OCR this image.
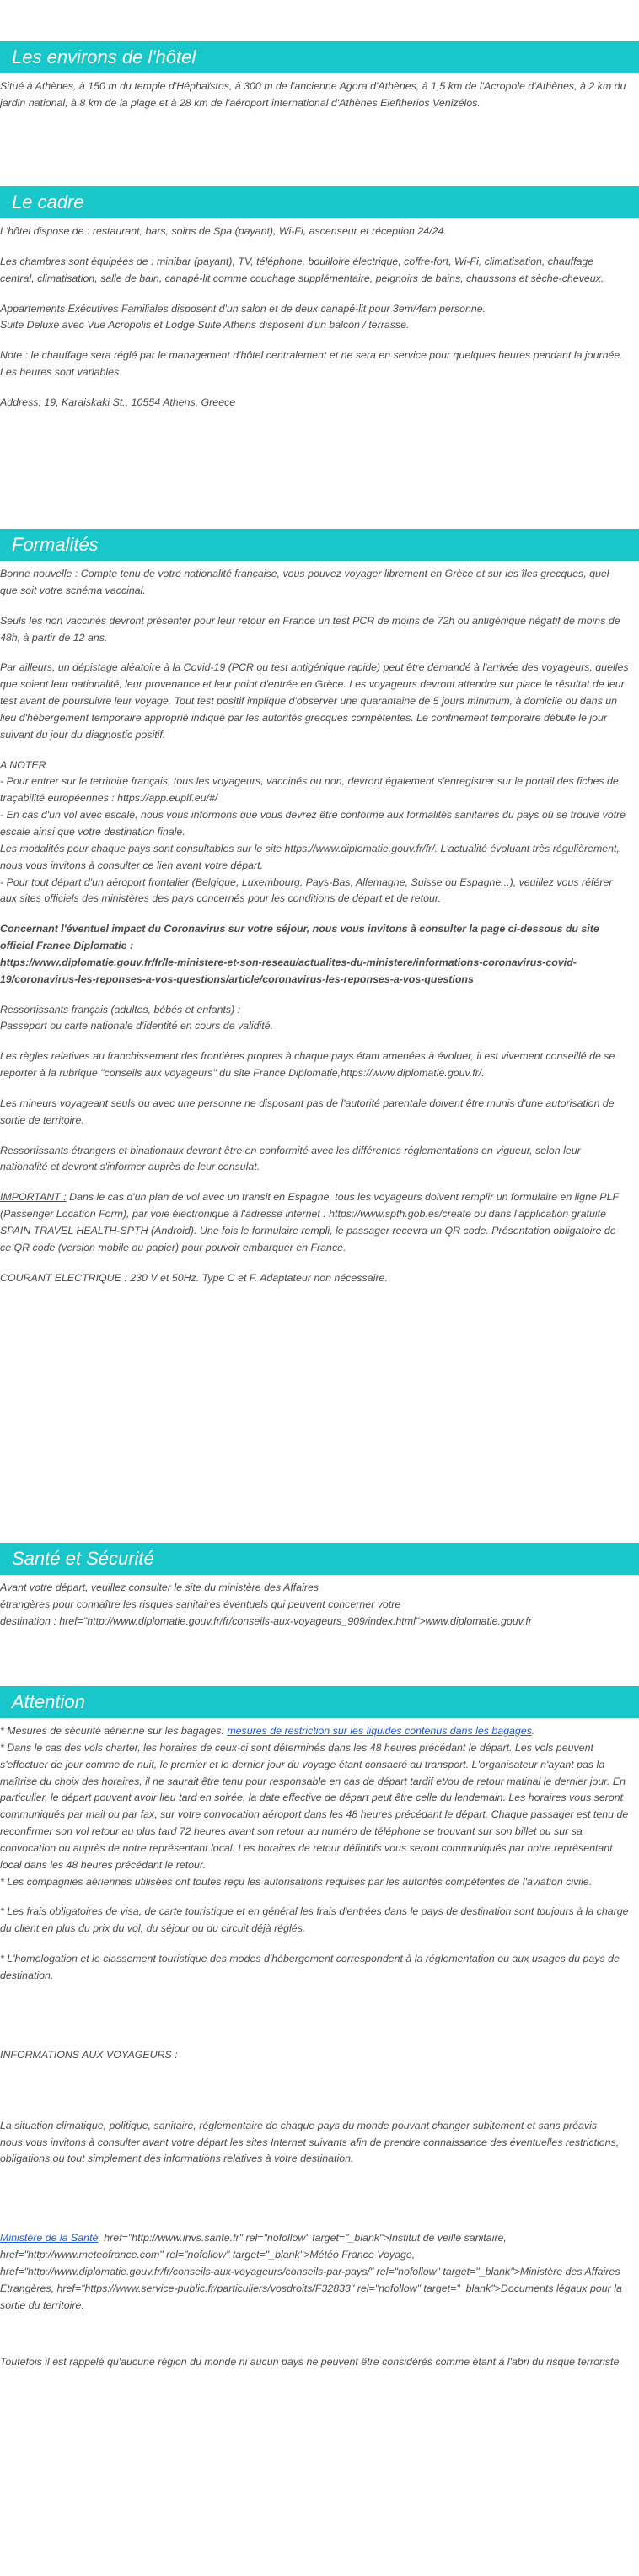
Les environs de l'hôtel

Situé à Athènes, à 150 m du temple d'Héphaïstos, à 300 m de l'ancienne Agora d'Athènes, à 1,5 km de l'Acropole d'Athènes, à 2 km du jardin national, à 8 km de la plage et à 28 km de l'aéroport international d'Athènes Eleftherios Venizélos.

Le cadre

L'hôtel dispose de : restaurant, bars, soins de Spa (payant), Wi-Fi, ascenseur et réception 24/24.

Les chambres sont équipées de : minibar (payant), TV, téléphone, bouilloire électrique, coffre-fort, Wi-Fi, climatisation, chauffage central, climatisation, salle de bain, canapé-lit comme couchage supplémentaire, peignoirs de bains, chaussons et sèche-cheveux.

Appartements Exécutives Familiales disposent d'un salon et de deux canapé-lit pour 3em/4em personne.

Suite Deluxe avec Vue Acropolis et Lodge Suite Athens disposent d'un balcon / terrasse.

Note : le chauffage sera réglé par le management d'hôtel centralement et ne sera en service pour quelques heures pendant la journée. Les heures sont variables.

Address: 19, Karaiskaki St., 10554 Athens, Greece

Formalités

Bonne nouvelle : Compte tenu de votre nationalité française, vous pouvez voyager librement en Grèce et sur les îles grecques, quel que soit votre schéma vaccinal.

Seuls les non vaccinés devront présenter pour leur retour en France un test PCR de moins de 72h ou antigénique négatif de moins de 48h, à partir de 12 ans.

Par ailleurs, un dépistage aléatoire à la Covid-19 (PCR ou test antigénique rapide) peut être demandé à l'arrivée des voyageurs, quelles que soient leur nationalité, leur provenance et leur point d'entrée en Grèce. Les voyageurs devront attendre sur place le résultat de leur test avant de poursuivre leur voyage. Tout test positif implique d'observer une quarantaine de 5 jours minimum, à domicile ou dans un lieu d'hébergement temporaire approprié indiqué par les autorités grecques compétentes. Le confinement temporaire débute le jour suivant du jour du diagnostic positif.

A NOTER

- Pour entrer sur le territoire français, tous les voyageurs, vaccinés ou non, devront également s'enregistrer sur le portail des fiches de traçabilité européennes : https://app.euplf.eu/#/

- En cas d'un vol avec escale, nous vous informons que vous devrez être conforme aux formalités sanitaires du pays où se trouve votre escale ainsi que votre destination finale.

Les modalités pour chaque pays sont consultables sur le site https://www.diplomatie.gouv.fr/fr/. L'actualité évoluant très régulièrement, nous vous invitons à consulter ce lien avant votre départ.

- Pour tout départ d'un aéroport frontalier (Belgique, Luxembourg, Pays-Bas, Allemagne, Suisse ou Espagne...), veuillez vous référer aux sites officiels des ministères des pays concernés pour les conditions de départ et de retour.

Concernant l'éventuel impact du Coronavirus sur votre séjour, nous vous invitons à consulter la page ci-dessous du site officiel France Diplomatie :

https://www.diplomatie.gouv.fr/fr/le-ministere-et-son-reseau/actualites-du-ministere/informations-coronavirus-covid-19/coronavirus-les-reponses-a-vos-questions/article/coronavirus-les-reponses-a-vos-questions

Ressortissants français (adultes, bébés et enfants) :

Passeport ou carte nationale d'identité en cours de validité.

Les règles relatives au franchissement des frontières propres à chaque pays étant amenées à évoluer, il est vivement conseillé de se reporter à la rubrique "conseils aux voyageurs" du site France Diplomatie,https://www.diplomatie.gouv.fr/.

Les mineurs voyageant seuls ou avec une personne ne disposant pas de l'autorité parentale doivent être munis d'une autorisation de sortie de territoire.

Ressortissants étrangers et binationaux devront être en conformité avec les différentes réglementations en vigueur, selon leur nationalité et devront s'informer auprès de leur consulat.

IMPORTANT : Dans le cas d'un plan de vol avec un transit en Espagne, tous les voyageurs doivent remplir un formulaire en ligne PLF (Passenger Location Form), par voie électronique à l'adresse internet : https://www.spth.gob.es/create ou dans l'application gratuite SPAIN TRAVEL HEALTH-SPTH (Android). Une fois le formulaire rempli, le passager recevra un QR code. Présentation obligatoire de ce QR code (version mobile ou papier) pour pouvoir embarquer en France.

COURANT ELECTRIQUE : 230 V et 50Hz. Type C et F. Adaptateur non nécessaire.

Santé et Sécurité

Avant votre départ, veuillez consulter le site du ministère des Affaires

étrangères pour connaître les risques sanitaires éventuels qui peuvent concerner votre

destination : href="http://www.diplomatie.gouv.fr/fr/conseils-aux-voyageurs_909/index.html">www.diplomatie.gouv.fr

Attention

* Mesures de sécurité aérienne sur les bagages: mesures de restriction sur les liquides contenus dans les bagages.

* Dans le cas des vols charter, les horaires de ceux-ci sont déterminés dans les 48 heures précédant le départ. Les vols peuvent s'effectuer de jour comme de nuit, le premier et le dernier jour du voyage étant consacré au transport. L'organisateur n'ayant pas la maîtrise du choix des horaires, il ne saurait être tenu pour responsable en cas de départ tardif et/ou de retour matinal le dernier jour. En particulier, le départ pouvant avoir lieu tard en soirée, la date effective de départ peut être celle du lendemain. Les horaires vous seront communiqués par mail ou par fax, sur votre convocation aéroport dans les 48 heures précédant le départ. Chaque passager est tenu de reconfirmer son vol retour au plus tard 72 heures avant son retour au numéro de téléphone se trouvant sur son billet ou sur sa convocation ou auprès de notre représentant local. Les horaires de retour définitifs vous seront communiqués par notre représentant local dans les 48 heures précédant le retour.

* Les compagnies aériennes utilisées ont toutes reçu les autorisations requises par les autorités compétentes de l'aviation civile.

* Les frais obligatoires de visa, de carte touristique et en général les frais d'entrées dans le pays de destination sont toujours à la charge du client en plus du prix du vol, du séjour ou du circuit déjà réglés.

* L'homologation et le classement touristique des modes d'hébergement correspondent à la réglementation ou aux usages du pays de destination.

INFORMATIONS AUX VOYAGEURS :

La situation climatique, politique, sanitaire, réglementaire de chaque pays du monde pouvant changer subitement et sans préavis

nous vous invitons à consulter avant votre départ les sites Internet suivants afin de prendre connaissance des éventuelles restrictions, obligations ou tout simplement des informations relatives à votre destination.

Ministère de la Santé, href="http://www.invs.sante.fr" rel="nofollow" target="_blank">Institut de veille sanitaire, href="http://www.meteofrance.com" rel="nofollow" target="_blank">Météo France Voyage, href="http://www.diplomatie.gouv.fr/fr/conseils-aux-voyageurs/conseils-par-pays/" rel="nofollow" target="_blank">Ministère des Affaires Etrangères, href="https://www.service-public.fr/particuliers/vosdroits/F32833" rel="nofollow" target="_blank">Documents légaux pour la sortie du territoire.

Toutefois il est rappelé qu'aucune région du monde ni aucun pays ne peuvent être considérés comme étant à l'abri du risque terroriste.
